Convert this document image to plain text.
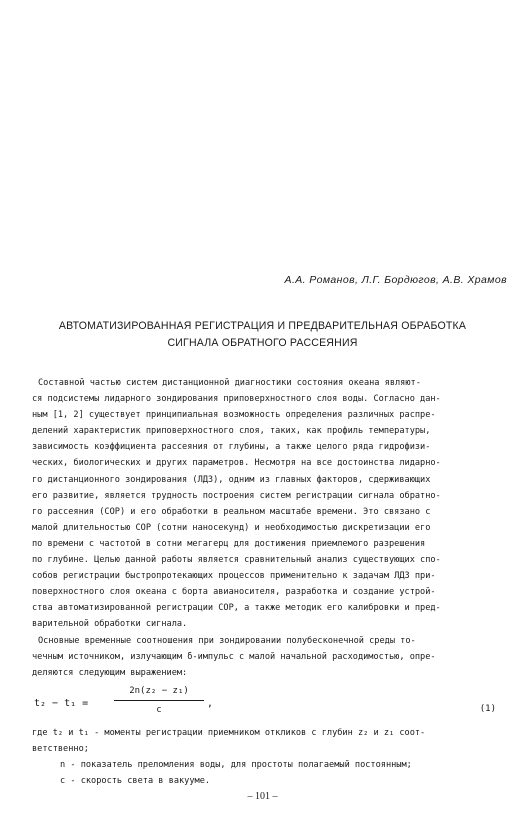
А.А. Романов, Л.Г. Бордюгов, А.В. Храмов
АВТОМАТИЗИРОВАННАЯ РЕГИСТРАЦИЯ И ПРЕДВАРИТЕЛЬНАЯ ОБРАБОТКА
СИГНАЛА ОБРАТНОГО РАССЕЯНИЯ
Составной частью систем дистанционной диагностики состояния океана являют-
ся подсистемы лидарного зондирования приповерхностного слоя воды. Согласно дан-
ным [1, 2] существует принципиальная возможность определения различных распре-
делений характеристик приповерхностного слоя, таких, как профиль температуры,
зависимость коэффициента рассеяния от глубины, а также целого ряда гидрофизи-
ческих, биологических и других параметров. Несмотря на все достоинства лидарно-
го дистанционного зондирования (ЛДЗ), одним из главных факторов, сдерживающих
его развитие, является трудность построения систем регистрации сигнала обратно-
го рассеяния (СОР) и его обработки в реальном масштабе времени. Это связано с
малой длительностью СОР (сотни наносекунд) и необходимостью дискретизации его
по времени с частотой в сотни мегагерц для достижения приемлемого разрешения
по глубине. Целью данной работы является сравнительный анализ существующих спо-
собов регистрации быстропротекающих процессов применительно к задачам ЛДЗ при-
поверхностного слоя океана с борта авианосителя, разработка и создание устрой-
ства автоматизированной регистрации СОР, а также методик его калибровки и пред-
варительной обработки сигнала.
Основные временные соотношения при зондировании полубесконечной среды то-
чечным источником, излучающим δ-импульс с малой начальной расходимостью, опре-
деляются следующим выражением:
t₂ − t₁ =	$\frac{\text{2n(z₂ − z₁)}}{c}$ ,	(1)
где t₂ и t₁ - моменты регистрации приемником откликов с глубин z₂ и z₁ соот-
ветственно;
n - показатель преломления воды, для простоты полагаемый постоянным;
c - скорость света в вакууме.
– 101 –
